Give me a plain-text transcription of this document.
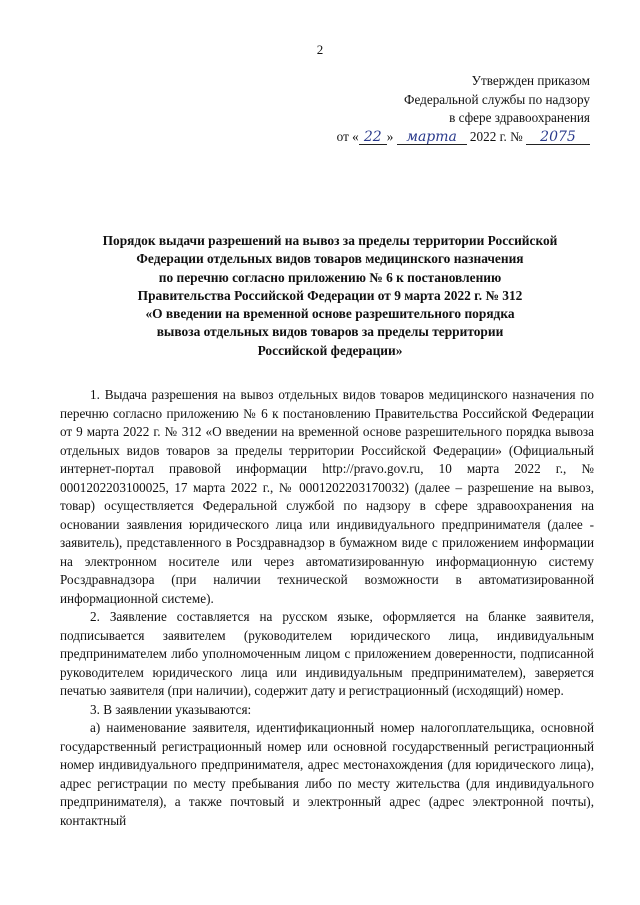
2
Утвержден приказом
Федеральной службы по надзору
в сфере здравоохранения
от « 22 » марта 2022 г. № 2075
Порядок выдачи разрешений на вывоз за пределы территории Российской
Федерации отдельных видов товаров медицинского назначения
по перечню согласно приложению № 6 к постановлению
Правительства Российской Федерации от 9 марта 2022 г. № 312
«О введении на временной основе разрешительного порядка
вывоза отдельных видов товаров за пределы территории
Российской федерации»

1. Выдача разрешения на вывоз отдельных видов товаров медицинского назначения по перечню согласно приложению № 6 к постановлению Правительства Российской Федерации от 9 марта 2022 г. № 312 «О введении на временной основе разрешительного порядка вывоза отдельных видов товаров за пределы территории Российской Федерации» (Официальный интернет-портал правовой информации http://pravo.gov.ru, 10 марта 2022 г., № 0001202203100025, 17 марта 2022 г., № 0001202203170032) (далее – разрешение на вывоз, товар) осуществляется Федеральной службой по надзору в сфере здравоохранения на основании заявления юридического лица или индивидуального предпринимателя (далее - заявитель), представленного в Росздравнадзор в бумажном виде с приложением информации на электронном носителе или через автоматизированную информационную систему Росздравнадзора (при наличии технической возможности в автоматизированной информационной системе).

2. Заявление составляется на русском языке, оформляется на бланке заявителя, подписывается заявителем (руководителем юридического лица, индивидуальным предпринимателем либо уполномоченным лицом с приложением доверенности, подписанной руководителем юридического лица или индивидуальным предпринимателем), заверяется печатью заявителя (при наличии), содержит дату и регистрационный (исходящий) номер.

3. В заявлении указываются:

а) наименование заявителя, идентификационный номер налогоплательщика, основной государственный регистрационный номер или основной государственный регистрационный номер индивидуального предпринимателя, адрес местонахождения (для юридического лица), адрес регистрации по месту пребывания либо по месту жительства (для индивидуального предпринимателя), а также почтовый и электронный адрес (адрес электронной почты), контактный
